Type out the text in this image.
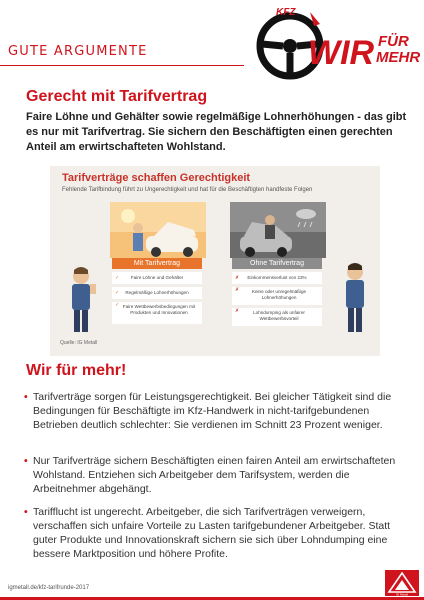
GUTE ARGUMENTE
KFZ
WIR FÜR
MEHR
Gerecht mit Tarifvertrag
Faire Löhne und Gehälter sowie regelmäßige Lohnerhöhungen - das gibt es nur mit Tarifvertrag. Sie sichern den Beschäftigten einen gerechten Anteil am erwirtschafteten Wohlstand.
Tarifverträge schaffen Gerechtigkeit
Fehlende Tarifbindung führt zu Ungerechtigkeit und hat für die Beschäftigten handfeste Folgen
Mit Tarifvertrag	Ohne Tarifvertrag
✓	Faire Löhne und Gehälter
✓ Regelmäßige Lohnerhöhungen
✓ Faire Wettbewerbsbedingungen mit Produkten und Innovationen
✗ Einkommensverlust von 23%
✗	Keine oder unregelmäßige Lohnerhöhungen
✗	Lohndumping als unfairer Wettbewerbsvorteil
Quelle: IG Metall
Wir für mehr!
• Tarifverträge sorgen für Leistungsgerechtigkeit. Bei gleicher Tätigkeit sind die Bedingungen für Beschäftigte im Kfz-Handwerk in nicht-tarifgebundenen Betrieben deutlich schlechter: Sie verdienen im Schnitt 23 Prozent weniger.
• Nur Tarifverträge sichern Beschäftigten einen fairen Anteil am erwirtschafteten Wohlstand. Entziehen sich Arbeitgeber dem Tarifsystem, werden die Arbeitnehmer abgehängt.
• Tarifflucht ist ungerecht. Arbeitgeber, die sich Tarifverträgen verweigern, verschaffen sich unfaire Vorteile zu Lasten tarifgebundener Arbeitgeber. Statt guter Produkte und Innovationskraft sichern sie sich über Lohndumping eine bessere Marktposition und höhere Profite.
igmetall.de/kfz-tarifrunde-2017
IG Metall
